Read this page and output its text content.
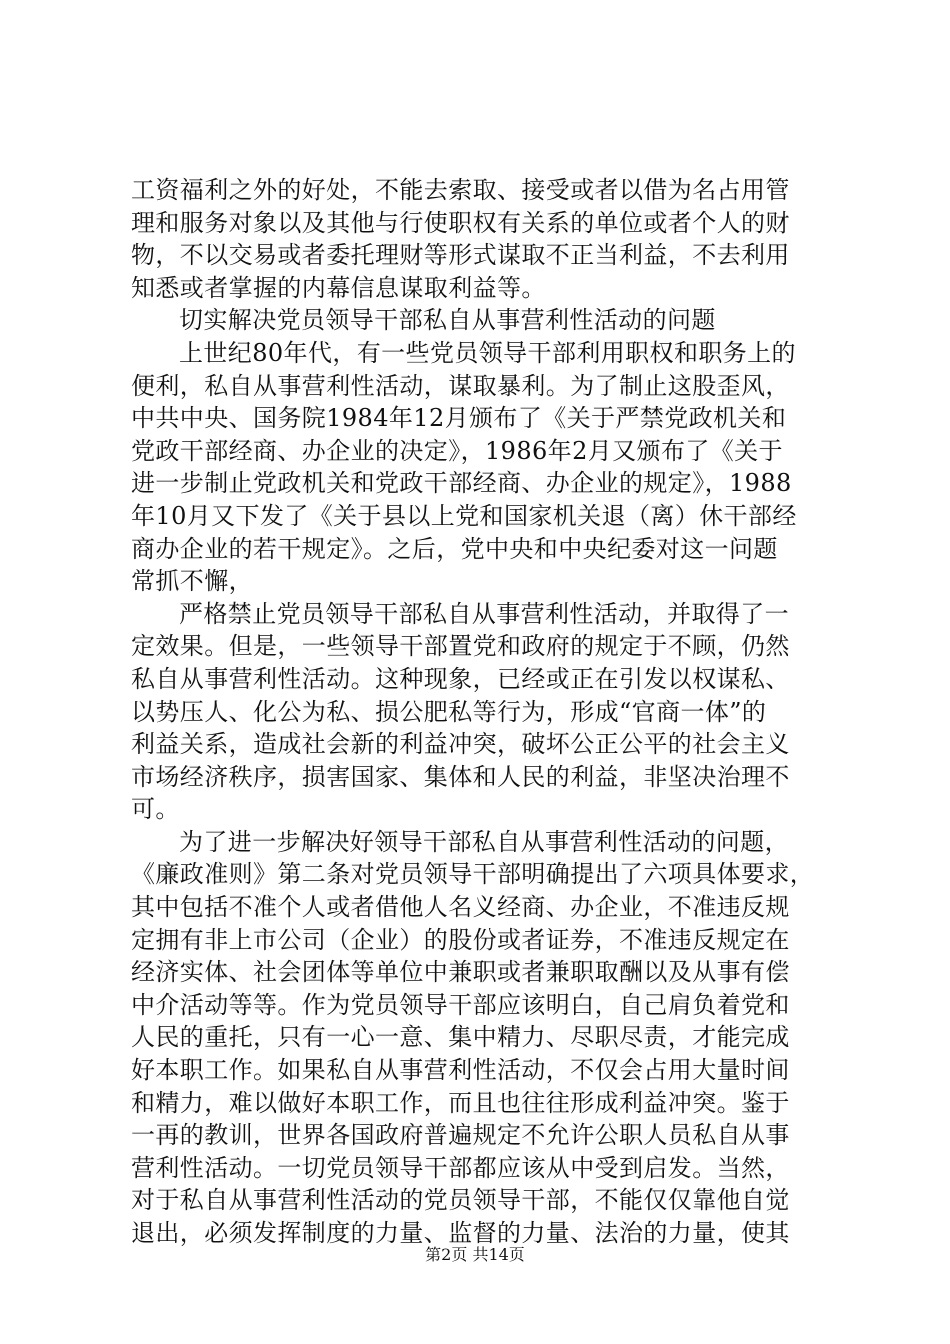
工资福利之外的好处，不能去索取、接受或者以借为名占用管
理和服务对象以及其他与行使职权有关系的单位或者个人的财
物，不以交易或者委托理财等形式谋取不正当利益，不去利用
知悉或者掌握的内幕信息谋取利益等。

切实解决党员领导干部私自从事营利性活动的问题

上世纪80年代，有一些党员领导干部利用职权和职务上的
便利，私自从事营利性活动，谋取暴利。为了制止这股歪风，
中共中央、国务院1984年12月颁布了《关于严禁党政机关和
党政干部经商、办企业的决定》，1986年2月又颁布了《关于
进一步制止党政机关和党政干部经商、办企业的规定》，1988
年10月又下发了《关于县以上党和国家机关退（离）休干部经
商办企业的若干规定》。之后，党中央和中央纪委对这一问题
常抓不懈，

严格禁止党员领导干部私自从事营利性活动，并取得了一
定效果。但是，一些领导干部置党和政府的规定于不顾，仍然
私自从事营利性活动。这种现象，已经或正在引发以权谋私、
以势压人、化公为私、损公肥私等行为，形成“官商一体”的
利益关系，造成社会新的利益冲突，破坏公正公平的社会主义
市场经济秩序，损害国家、集体和人民的利益，非坚决治理不
可。

为了进一步解决好领导干部私自从事营利性活动的问题，
《廉政准则》第二条对党员领导干部明确提出了六项具体要求，
其中包括不准个人或者借他人名义经商、办企业，不准违反规
定拥有非上市公司（企业）的股份或者证券，不准违反规定在
经济实体、社会团体等单位中兼职或者兼职取酬以及从事有偿
中介活动等等。作为党员领导干部应该明白，自己肩负着党和
人民的重托，只有一心一意、集中精力、尽职尽责，才能完成
好本职工作。如果私自从事营利性活动，不仅会占用大量时间
和精力，难以做好本职工作，而且也往往形成利益冲突。鉴于
一再的教训，世界各国政府普遍规定不允许公职人员私自从事
营利性活动。一切党员领导干部都应该从中受到启发。当然，
对于私自从事营利性活动的党员领导干部，不能仅仅靠他自觉
退出，必须发挥制度的力量、监督的力量、法治的力量，使其

第2页 共14页
